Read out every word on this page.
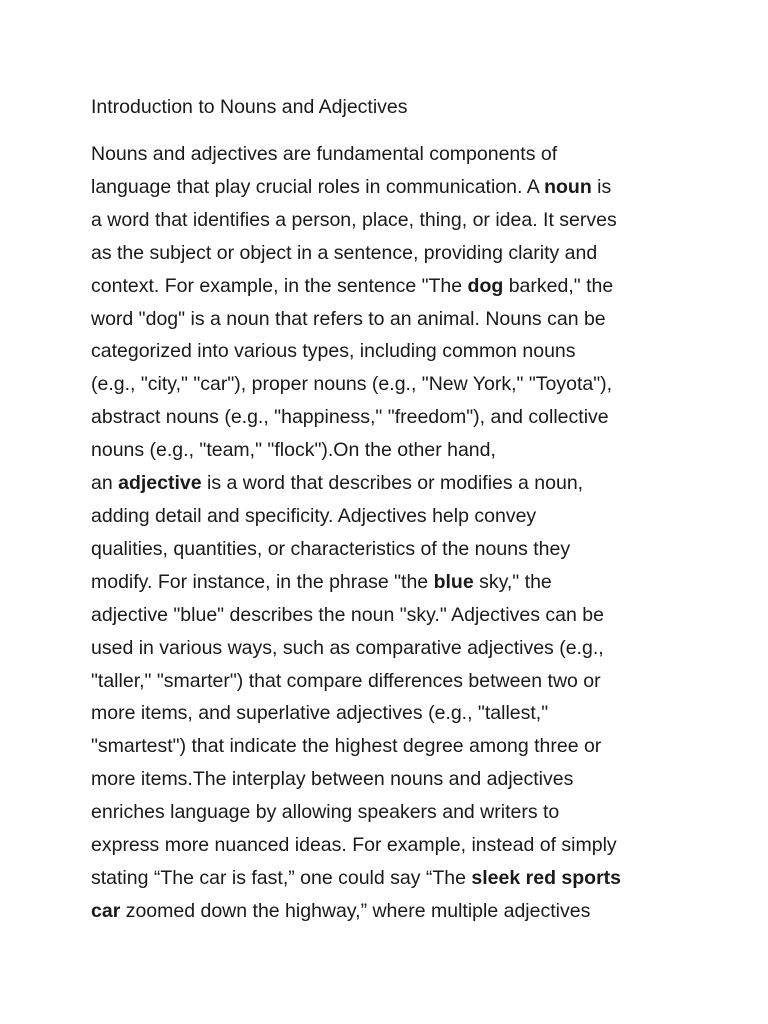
Introduction to Nouns and Adjectives

Nouns and adjectives are fundamental components of
language that play crucial roles in communication. A noun is
a word that identifies a person, place, thing, or idea. It serves
as the subject or object in a sentence, providing clarity and
context. For example, in the sentence "The dog barked," the
word "dog" is a noun that refers to an animal. Nouns can be
categorized into various types, including common nouns
(e.g., "city," "car"), proper nouns (e.g., "New York," "Toyota"),
abstract nouns (e.g., "happiness," "freedom"), and collective
nouns (e.g., "team," "flock").On the other hand,
an adjective is a word that describes or modifies a noun,
adding detail and specificity. Adjectives help convey
qualities, quantities, or characteristics of the nouns they
modify. For instance, in the phrase "the blue sky," the
adjective "blue" describes the noun "sky." Adjectives can be
used in various ways, such as comparative adjectives (e.g.,
"taller," "smarter") that compare differences between two or
more items, and superlative adjectives (e.g., "tallest,"
"smartest") that indicate the highest degree among three or
more items.The interplay between nouns and adjectives
enriches language by allowing speakers and writers to
express more nuanced ideas. For example, instead of simply
stating “The car is fast,” one could say “The sleek red sports
car zoomed down the highway,” where multiple adjectives
